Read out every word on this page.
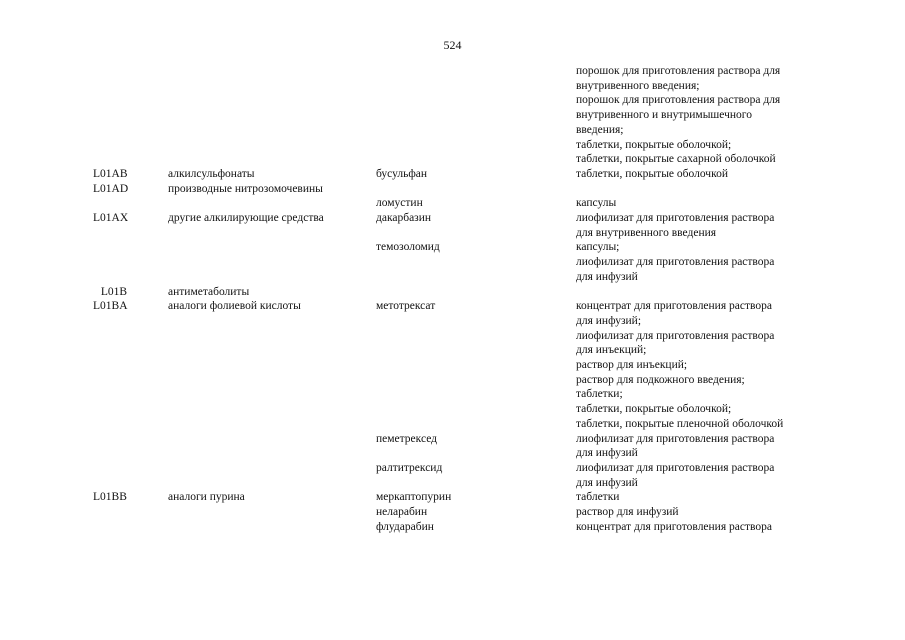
524
порошок для приготовления раствора для
внутривенного введения;
порошок для приготовления раствора для
внутривенного и внутримышечного
введения;
таблетки, покрытые оболочкой;
таблетки, покрытые сахарной оболочкой
L01AB	алкилсульфонаты	бусульфан	таблетки, покрытые оболочкой
L01AD	производные нитрозомочевины
ломустин	капсулы
L01AX	другие алкилирующие средства	дакарбазин	лиофилизат для приготовления раствора
для внутривенного введения
темозоломид	капсулы;
лиофилизат для приготовления раствора
для инфузий
L01B	антиметаболиты
L01BA	аналоги фолиевой кислоты	метотрексат	концентрат для приготовления раствора
для инфузий;
лиофилизат для приготовления раствора
для инъекций;
раствор для инъекций;
раствор для подкожного введения;
таблетки;
таблетки, покрытые оболочкой;
таблетки, покрытые пленочной оболочкой
пеметрексед	лиофилизат для приготовления раствора
для инфузий
ралтитрексид	лиофилизат для приготовления раствора
для инфузий
L01BB	аналоги пурина	меркаптопурин	таблетки
неларабин	раствор для инфузий
флударабин	концентрат для приготовления раствора
